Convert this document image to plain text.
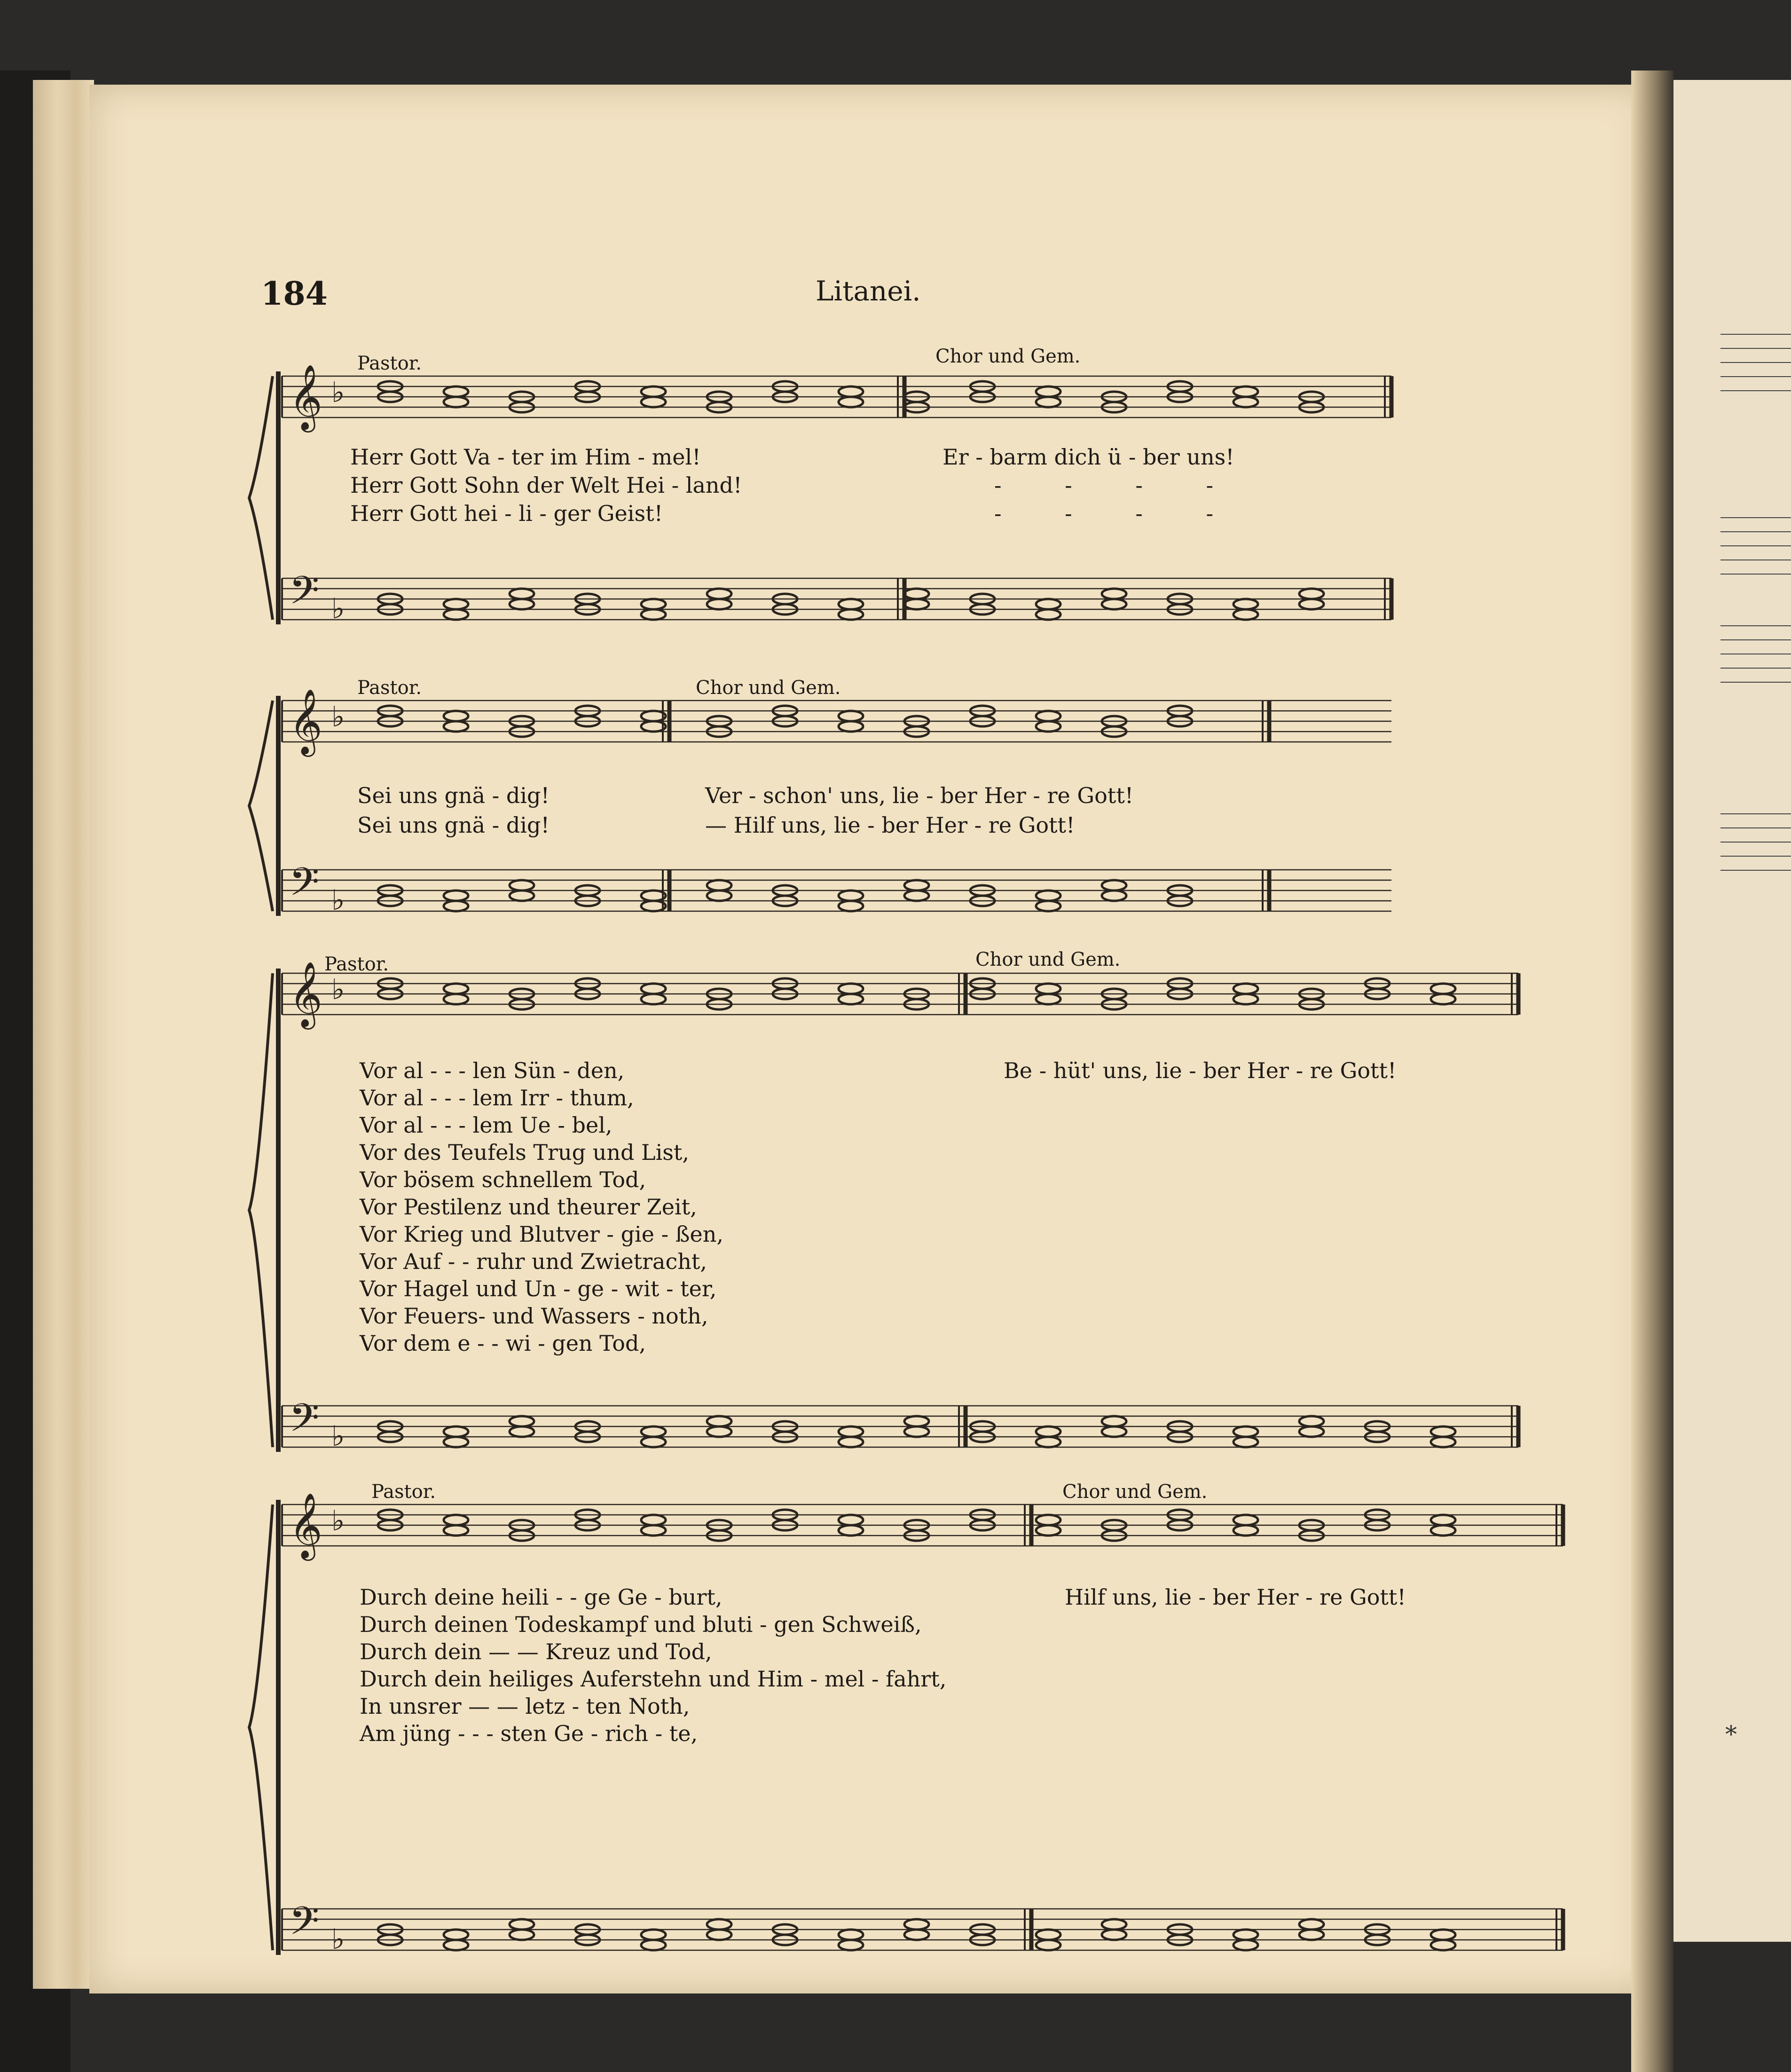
*
184	Litanei.
𝄞
𝄢
♭
♭
𝄞
𝄢
♭
♭
𝄞
𝄢
♭
♭
𝄞
𝄢
♭
♭
Pastor.	Chor und Gem.
Herr Gott Va - ter im Him - mel!
Herr Gott Sohn der Welt Hei - land!
Herr Gott hei - li - ger Geist!
Er - barm dich ü - ber uns!
- - - -
- - - -
Pastor.	Chor und Gem.
Sei uns gnä - dig!
Sei uns gnä - dig!
Ver - schon' uns, lie - ber Her - re Gott!
— Hilf uns, lie - ber Her - re Gott!
Pastor.	Chor und Gem.
Vor al - - - len Sün - den,
Vor al - - - lem Irr - thum,
Vor al - - - lem Ue - bel,
Vor des Teufels Trug und List,
Vor bösem schnellem Tod,
Vor Pestilenz und theurer Zeit,
Vor Krieg und Blutver - gie - ßen,
Vor Auf - - ruhr und Zwietracht,
Vor Hagel und Un - ge - wit - ter,
Vor Feuers- und Wassers - noth,
Vor dem e - - wi - gen Tod,
Be - hüt' uns, lie - ber Her - re Gott!
Pastor.	Chor und Gem.
Durch deine heili - - ge Ge - burt,
Durch deinen Todeskampf und bluti - gen Schweiß,
Durch dein — — Kreuz und Tod,
Durch dein heiliges Auferstehn und Him - mel - fahrt,
In unsrer — — letz - ten Noth,
Am jüng - - - sten Ge - rich - te,
Hilf uns, lie - ber Her - re Gott!
